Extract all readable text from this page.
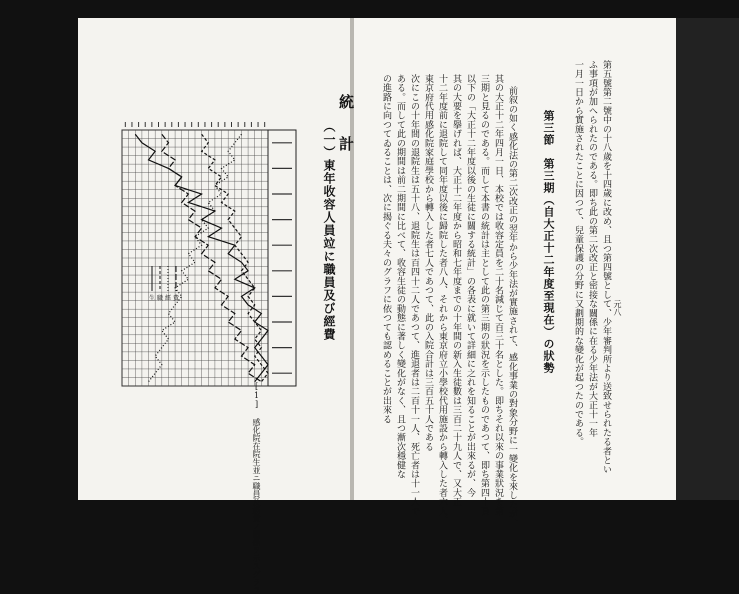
統　計
（一）東年收容人員竝に職員及び經費
生 職 經 費
[1] 感化院在院生並ニ職員及經費ノ關係ヲ示スグラフ
元八
第五號第二號中の十八歲を十四歲に改め、且つ第四號として、少年審判所より送致せられたる者とい
ふ事項が加へられたのである。即ち此の第二次改正と密接な關係に在る少年法が大正十一年
一月一日から實施されたことに因つて、兒童保護の分野に又劃期的な變化が起つたのである。
第三節　第三期（自大正十二年度至現在）の狀勢
前叙の如く感化法の第二次改正の翌年から少年法が實施されて、感化事業の對象分野に一變化を來したが、
其の大正十二年四月一日、本校では收容定員を二十名減じて百三十名とした。即ちそれ以來の事業狀況を第
三期と見るのである。而して本書の統計は主として此の第三期の狀況を示したものであつて、即ち第四十頁
以下の「大正十二年度以後の生徒に關する統計」の各表に就いて詳細に之れを知ることが出來るが、今
其の大要を擧げれば、大正十二年度から昭和七年度までの十年間の新入生徒數は三百二十九人で、又大正
十二年度前に退院して同年度以後に歸院した者八人、それから東京府立小學校代用施設から轉入した者六人、
東京府代用感化院家庭學校から轉入した者七人であつて、此の入院合計は三百五十人である
次にこの十年間の退院生は五十八、退院生は百四十二人であつて、進退者は二百十一人、死亡者は十一人で
ある。而して此の期間は前二期間に比べて、收容生徒の動態に著しく變化がなく、且つ漸次穩健な
の進路に向つてゐることは、次に揭ぐる夫々のグラフに依つても認めることが出來る
